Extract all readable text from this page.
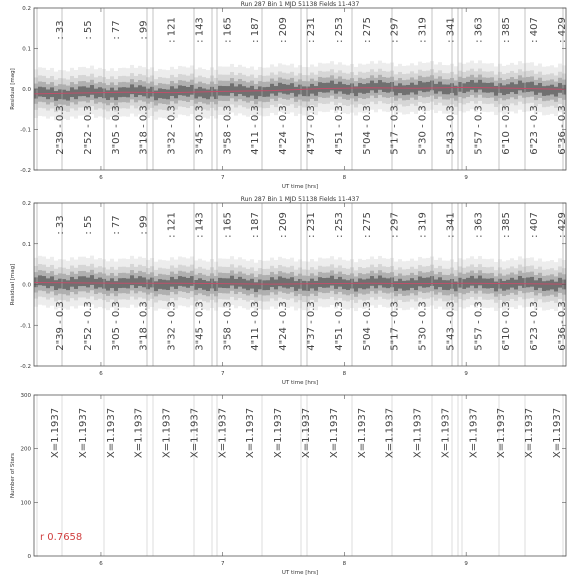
: 33
2"39 - 0.3
: 55
2"52 - 0.3
: 77
3"05 - 0.3
: 99
3"18 - 0.3
: 121
3"32 - 0.3
: 143
3"45 - 0.3
: 165
3"58 - 0.3
: 187
4"11 - 0.3
: 209
4"24 - 0.3
: 231
4"37 - 0.3
: 253
4"51 - 0.3
: 275
5"04 - 0.3
: 297
5"17 - 0.3
: 319
5"30 - 0.3
: 341
5"43 - 0.3
: 363
5"57 - 0.3
: 385
6"10 - 0.3
: 407
6"23 - 0.3
: 429
6"36 - 0.3
6	7	8	9
-0.2
-0.1
0.0
0.1
0.2
Run 287 Bin 1 MJD 51138 Fields 11-437
UT time [hrs]
Residual [mag]
: 33
2"39 - 0.3
: 55
2"52 - 0.3
: 77
3"05 - 0.3
: 99
3"18 - 0.3
: 121
3"32 - 0.3
: 143
3"45 - 0.3
: 165
3"58 - 0.3
: 187
4"11 - 0.3
: 209
4"24 - 0.3
: 231
4"37 - 0.3
: 253
4"51 - 0.3
: 275
5"04 - 0.3
: 297
5"17 - 0.3
: 319
5"30 - 0.3
: 341
5"43 - 0.3
: 363
5"57 - 0.3
: 385
6"10 - 0.3
: 407
6"23 - 0.3
: 429
6"36 - 0.3
6	7	8	9
-0.2
-0.1
0.0
0.1
0.2
Run 287 Bin 1 MJD 51138 Fields 11-437
UT time [hrs]
Residual [mag]
X=1.1937 X=1.1937 X=1.1937 X=1.1937 X=1.1937 X=1.1937 X=1.1937 X=1.1937 X=1.1937 X=1.1937 X=1.1937 X=1.1937 X=1.1937 X=1.1937 X=1.1937 X=1.1937 X=1.1937 X=1.1937 X=1.1937
r 0.7658
6	7	8	9
0
100
200
300
UT time [hrs]
Number of Stars
